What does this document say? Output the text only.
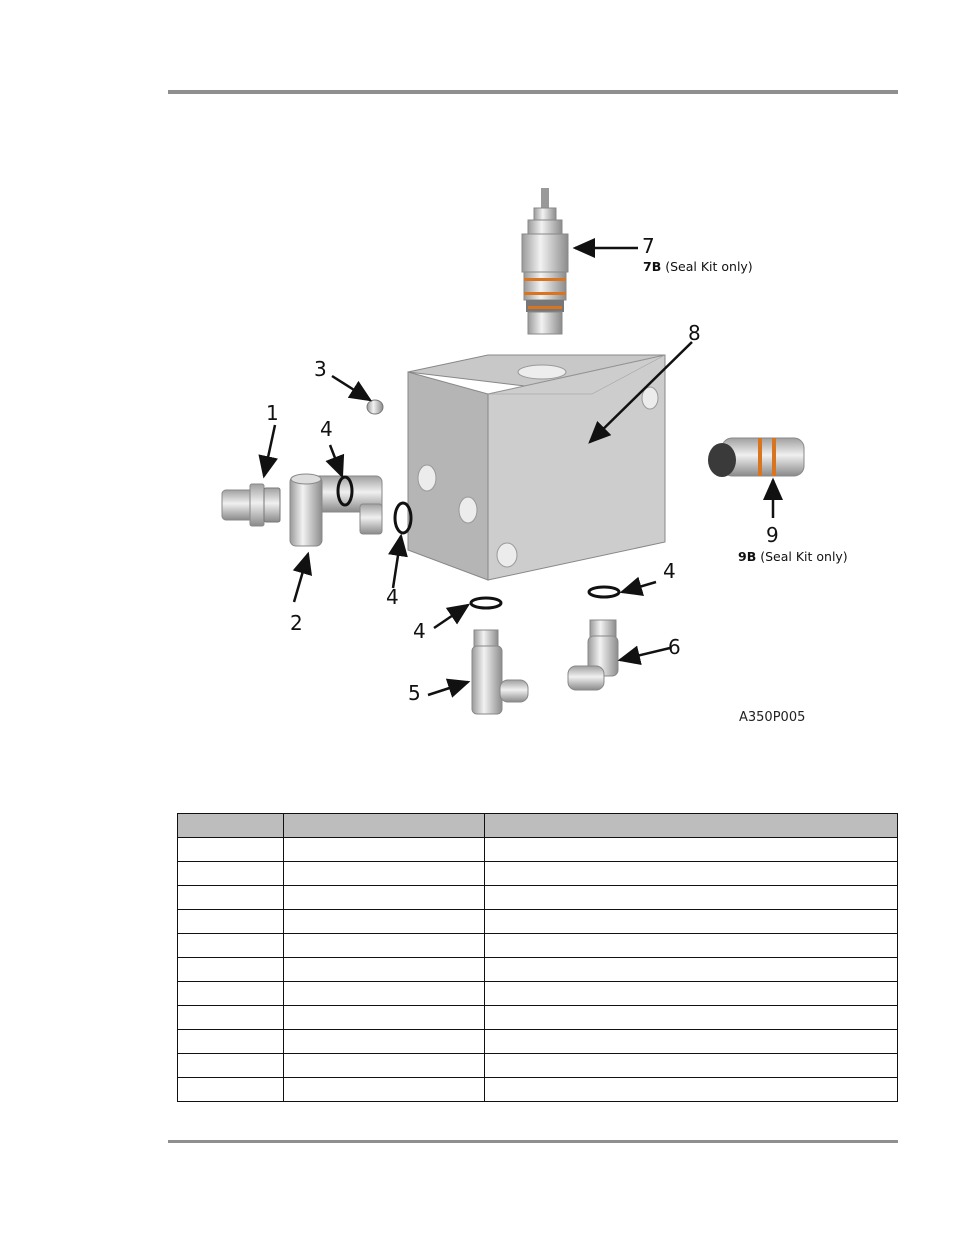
1
2
3
4
4
4
4
5
6
7
8
9
7B (Seal Kit only)
9B (Seal Kit only)
A350P005
